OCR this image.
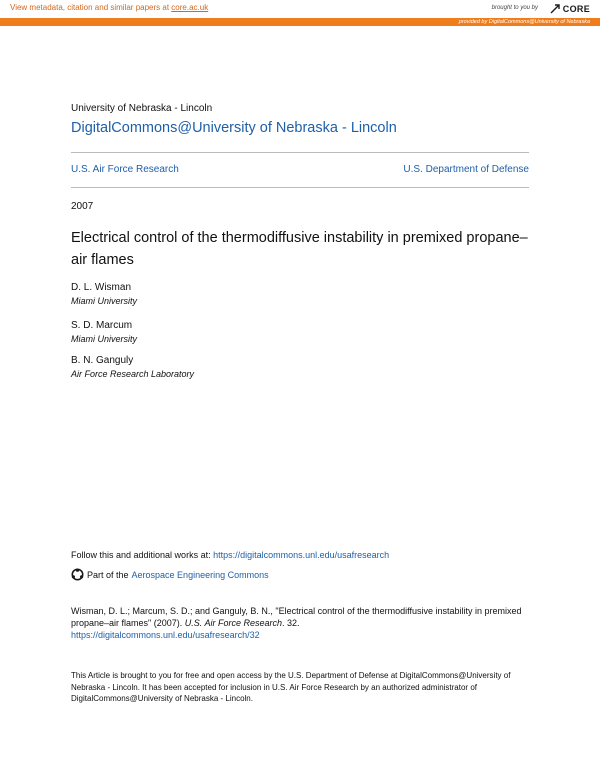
View metadata, citation and similar papers at core.ac.uk	brought to you by	CORE
provided by DigitalCommons@University of Nebraska
University of Nebraska - Lincoln
DigitalCommons@University of Nebraska - Lincoln
U.S. Air Force Research	U.S. Department of Defense
2007
Electrical control of the thermodiffusive instability in premixed propane–air flames
D. L. Wisman
Miami University
S. D. Marcum
Miami University
B. N. Ganguly
Air Force Research Laboratory
Follow this and additional works at: https://digitalcommons.unl.edu/usafresearch
Part of the Aerospace Engineering Commons
Wisman, D. L.; Marcum, S. D.; and Ganguly, B. N., "Electrical control of the thermodiffusive instability in premixed propane–air flames" (2007). U.S. Air Force Research. 32.
https://digitalcommons.unl.edu/usafresearch/32
This Article is brought to you for free and open access by the U.S. Department of Defense at DigitalCommons@University of Nebraska - Lincoln. It has been accepted for inclusion in U.S. Air Force Research by an authorized administrator of DigitalCommons@University of Nebraska - Lincoln.
